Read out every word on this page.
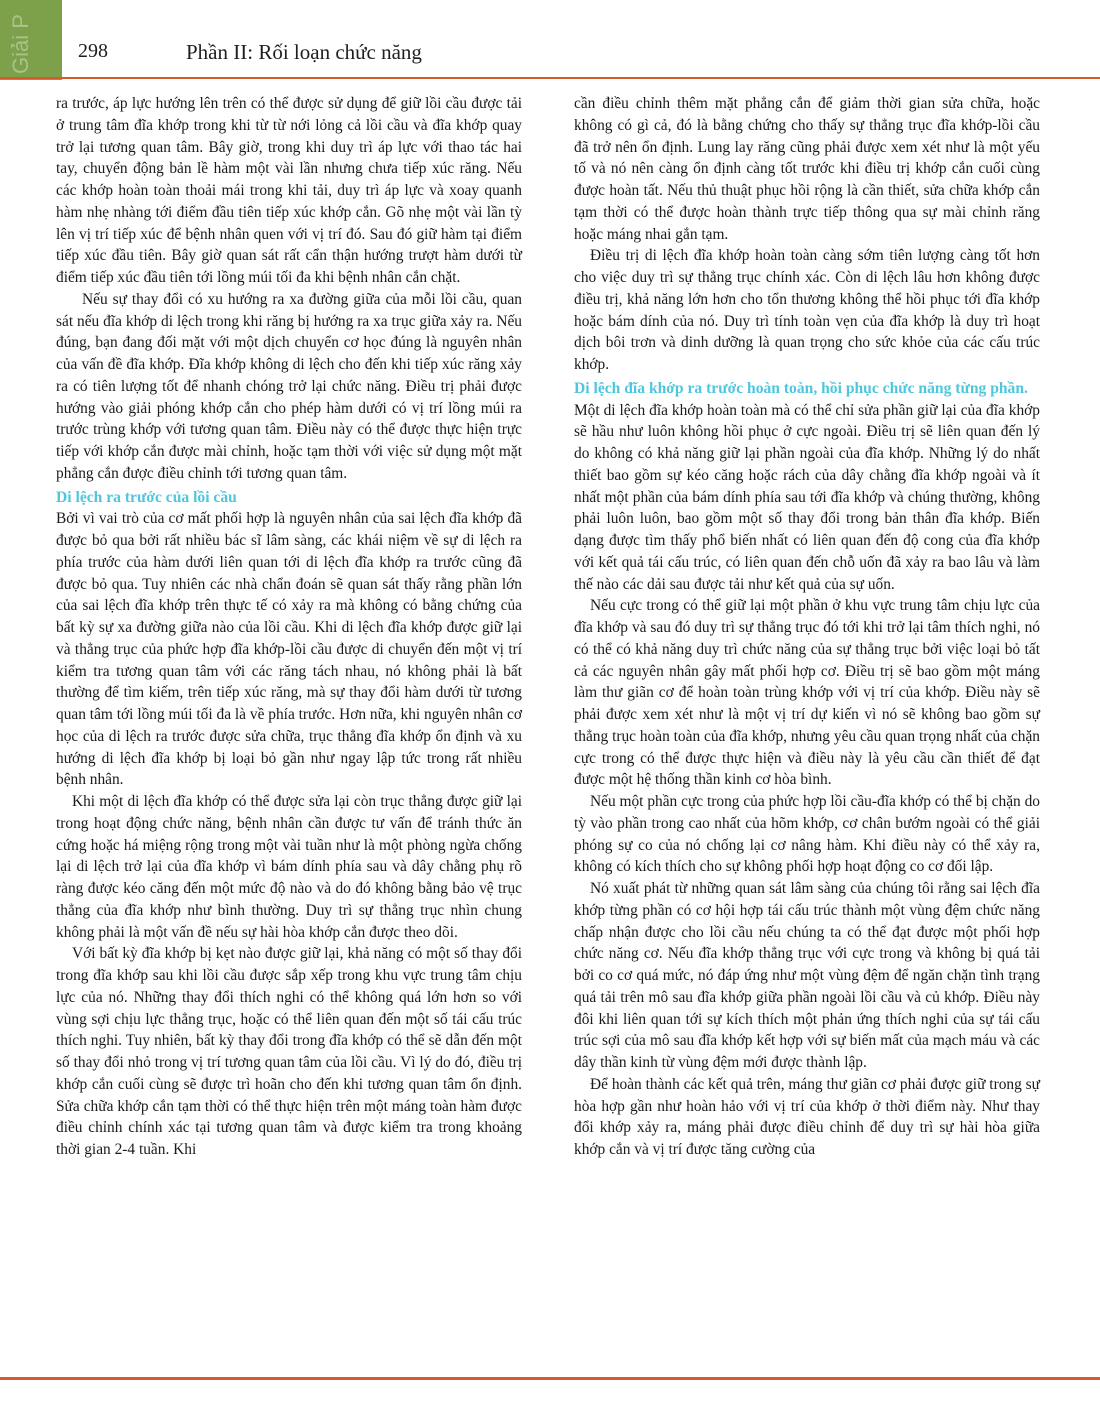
Giải P 298	Phần II: Rối loạn chức năng

ra trước, áp lực hướng lên trên có thể được sử dụng để giữ lồi cầu được tải ở trung tâm đĩa khớp trong khi từ từ nới lỏng cả lồi cầu và đĩa khớp quay trở lại tương quan tâm. Bây giờ, trong khi duy trì áp lực với thao tác hai tay, chuyển động bản lề hàm một vài lần nhưng chưa tiếp xúc răng. Nếu các khớp hoàn toàn thoải mái trong khi tải, duy trì áp lực và xoay quanh hàm nhẹ nhàng tới điểm đầu tiên tiếp xúc khớp cắn. Gõ nhẹ một vài lần tỳ lên vị trí tiếp xúc để bệnh nhân quen với vị trí đó. Sau đó giữ hàm tại điểm tiếp xúc đầu tiên. Bây giờ quan sát rất cẩn thận hướng trượt hàm dưới từ điểm tiếp xúc đầu tiên tới lồng múi tối đa khi bệnh nhân cắn chặt.

Nếu sự thay đổi có xu hướng ra xa đường giữa của mỗi lồi cầu, quan sát nếu đĩa khớp di lệch trong khi răng bị hướng ra xa trục giữa xảy ra. Nếu đúng, bạn đang đối mặt với một dịch chuyển cơ học đúng là nguyên nhân của vấn đề đĩa khớp. Đĩa khớp không di lệch cho đến khi tiếp xúc răng xảy ra có tiên lượng tốt để nhanh chóng trở lại chức năng. Điều trị phải được hướng vào giải phóng khớp cắn cho phép hàm dưới có vị trí lồng múi ra trước trùng khớp với tương quan tâm. Điều này có thể được thực hiện trực tiếp với khớp cắn được mài chỉnh, hoặc tạm thời với việc sử dụng một mặt phẳng cắn được điều chỉnh tới tương quan tâm.

Di lệch ra trước của lồi cầu

Bởi vì vai trò của cơ mất phối hợp là nguyên nhân của sai lệch đĩa khớp đã được bỏ qua bởi rất nhiều bác sĩ lâm sàng, các khái niệm về sự di lệch ra phía trước của hàm dưới liên quan tới di lệch đĩa khớp ra trước cũng đã được bỏ qua. Tuy nhiên các nhà chẩn đoán sẽ quan sát thấy rằng phần lớn của sai lệch đĩa khớp trên thực tế có xảy ra mà không có bằng chứng của bất kỳ sự xa đường giữa nào của lồi cầu. Khi di lệch đĩa khớp được giữ lại và thẳng trục của phức hợp đĩa khớp-lồi cầu được di chuyển đến một vị trí kiểm tra tương quan tâm với các răng tách nhau, nó không phải là bất thường để tìm kiếm, trên tiếp xúc răng, mà sự thay đổi hàm dưới từ tương quan tâm tới lồng múi tối đa là về phía trước. Hơn nữa, khi nguyên nhân cơ học của di lệch ra trước được sửa chữa, trục thẳng đĩa khớp ổn định và xu hướng di lệch đĩa khớp bị loại bỏ gần như ngay lập tức trong rất nhiều bệnh nhân.

Khi một di lệch đĩa khớp có thể được sửa lại còn trục thẳng được giữ lại trong hoạt động chức năng, bệnh nhân cần được tư vấn để tránh thức ăn cứng hoặc há miệng rộng trong một vài tuần như là một phòng ngừa chống lại di lệch trở lại của đĩa khớp vì bám dính phía sau và dây chằng phụ rõ ràng được kéo căng đến một mức độ nào và do đó không bằng bảo vệ trục thẳng của đĩa khớp như bình thường. Duy trì sự thẳng trục nhìn chung không phải là một vấn đề nếu sự hài hòa khớp cắn được theo dõi.

Với bất kỳ đĩa khớp bị kẹt nào được giữ lại, khả năng có một số thay đổi trong đĩa khớp sau khi lồi cầu được sắp xếp trong khu vực trung tâm chịu lực của nó. Những thay đổi thích nghi có thể không quá lớn hơn so với vùng sợi chịu lực thẳng trục, hoặc có thể liên quan đến một số tái cấu trúc thích nghi. Tuy nhiên, bất kỳ thay đổi trong đĩa khớp có thể sẽ dẫn đến một số thay đổi nhỏ trong vị trí tương quan tâm của lồi cầu. Vì lý do đó, điều trị khớp cắn cuối cùng sẽ được trì hoãn cho đến khi tương quan tâm ổn định. Sửa chữa khớp cắn tạm thời có thể thực hiện trên một máng toàn hàm được điều chỉnh chính xác tại tương quan tâm và được kiểm tra trong khoảng thời gian 2-4 tuần. Khi

cần điều chỉnh thêm mặt phẳng cắn để giảm thời gian sửa chữa, hoặc không có gì cả, đó là bằng chứng cho thấy sự thẳng trục đĩa khớp-lồi cầu đã trở nên ổn định. Lung lay răng cũng phải được xem xét như là một yếu tố và nó nên càng ổn định càng tốt trước khi điều trị khớp cắn cuối cùng được hoàn tất. Nếu thủ thuật phục hồi rộng là cần thiết, sửa chữa khớp cắn tạm thời có thể được hoàn thành trực tiếp thông qua sự mài chỉnh răng hoặc máng nhai gắn tạm.

Điều trị di lệch đĩa khớp hoàn toàn càng sớm tiên lượng càng tốt hơn cho việc duy trì sự thẳng trục chính xác. Còn di lệch lâu hơn không được điều trị, khả năng lớn hơn cho tổn thương không thể hồi phục tới đĩa khớp hoặc bám dính của nó. Duy trì tính toàn vẹn của đĩa khớp là duy trì hoạt dịch bôi trơn và dinh dưỡng là quan trọng cho sức khỏe của các cấu trúc khớp.

Di lệch đĩa khớp ra trước hoàn toàn, hồi phục chức năng từng phần.

Một di lệch đĩa khớp hoàn toàn mà có thể chỉ sửa phần giữ lại của đĩa khớp sẽ hầu như luôn không hồi phục ở cực ngoài. Điều trị sẽ liên quan đến lý do không có khả năng giữ lại phần ngoài của đĩa khớp. Những lý do nhất thiết bao gồm sự kéo căng hoặc rách của dây chằng đĩa khớp ngoài và ít nhất một phần của bám dính phía sau tới đĩa khớp và chúng thường, không phải luôn luôn, bao gồm một số thay đổi trong bản thân đĩa khớp. Biến dạng được tìm thấy phổ biến nhất có liên quan đến độ cong của đĩa khớp với kết quả tái cấu trúc, có liên quan đến chỗ uốn đã xảy ra bao lâu và làm thế nào các dải sau được tải như kết quả của sự uốn.

Nếu cực trong có thể giữ lại một phần ở khu vực trung tâm chịu lực của đĩa khớp và sau đó duy trì sự thẳng trục đó tới khi trở lại tâm thích nghi, nó có thể có khả năng duy trì chức năng của sự thẳng trục bởi việc loại bỏ tất cả các nguyên nhân gây mất phối hợp cơ. Điều trị sẽ bao gồm một máng làm thư giãn cơ để hoàn toàn trùng khớp với vị trí của khớp. Điều này sẽ phải được xem xét như là một vị trí dự kiến vì nó sẽ không bao gồm sự thẳng trục hoàn toàn của đĩa khớp, nhưng yêu cầu quan trọng nhất của chặn cực trong có thể được thực hiện và điều này là yêu cầu cần thiết để đạt được một hệ thống thần kinh cơ hòa bình.

Nếu một phần cực trong của phức hợp lồi cầu-đĩa khớp có thể bị chặn do tỳ vào phần trong cao nhất của hõm khớp, cơ chân bướm ngoài có thể giải phóng sự co của nó chống lại cơ nâng hàm. Khi điều này có thể xảy ra, không có kích thích cho sự không phối hợp hoạt động co cơ đối lập.

Nó xuất phát từ những quan sát lâm sàng của chúng tôi rằng sai lệch đĩa khớp từng phần có cơ hội hợp tái cấu trúc thành một vùng đệm chức năng chấp nhận được cho lồi cầu nếu chúng ta có thể đạt được một phối hợp chức năng cơ. Nếu đĩa khớp thẳng trục với cực trong và không bị quá tải bởi co cơ quá mức, nó đáp ứng như một vùng đệm để ngăn chặn tình trạng quá tải trên mô sau đĩa khớp giữa phần ngoài lồi cầu và củ khớp. Điều này đôi khi liên quan tới sự kích thích một phản ứng thích nghi của sự tái cấu trúc sợi của mô sau đĩa khớp kết hợp với sự biến mất của mạch máu và các dây thần kinh từ vùng đệm mới được thành lập.

Để hoàn thành các kết quả trên, máng thư giãn cơ phải được giữ trong sự hòa hợp gần như hoàn hảo với vị trí của khớp ở thời điểm này. Như thay đổi khớp xảy ra, máng phải được điều chỉnh để duy trì sự hài hòa giữa khớp cắn và vị trí được tăng cường của
